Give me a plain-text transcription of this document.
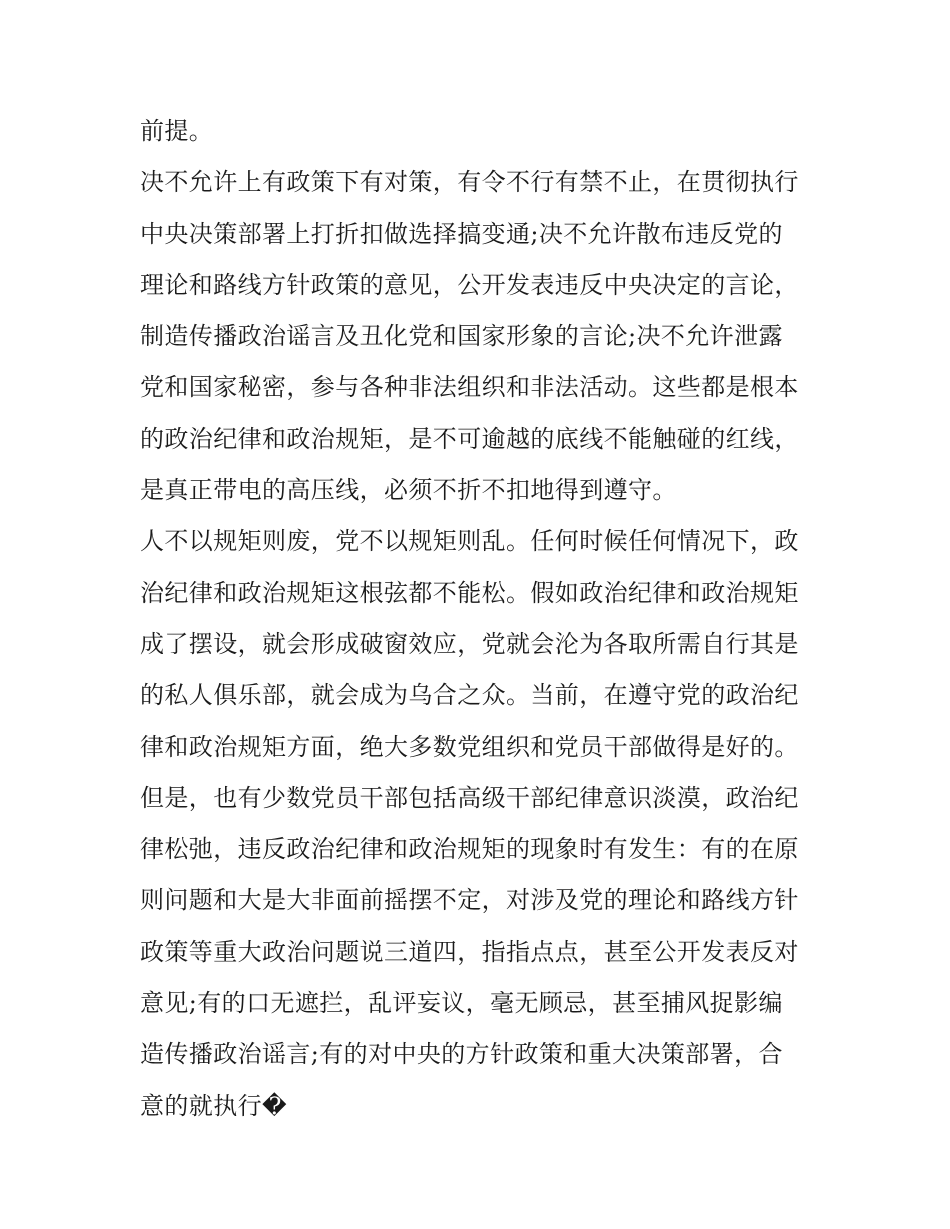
前提。
决不允许上有政策下有对策，有令不行有禁不止，在贯彻执行
中央决策部署上打折扣做选择搞变通;决不允许散布违反党的
理论和路线方针政策的意见，公开发表违反中央决定的言论，
制造传播政治谣言及丑化党和国家形象的言论;决不允许泄露
党和国家秘密，参与各种非法组织和非法活动。这些都是根本
的政治纪律和政治规矩，是不可逾越的底线不能触碰的红线，
是真正带电的高压线，必须不折不扣地得到遵守。
人不以规矩则废，党不以规矩则乱。任何时候任何情况下，政
治纪律和政治规矩这根弦都不能松。假如政治纪律和政治规矩
成了摆设，就会形成破窗效应，党就会沦为各取所需自行其是
的私人俱乐部，就会成为乌合之众。当前，在遵守党的政治纪
律和政治规矩方面，绝大多数党组织和党员干部做得是好的。
但是，也有少数党员干部包括高级干部纪律意识淡漠，政治纪
律松弛，违反政治纪律和政治规矩的现象时有发生：有的在原
则问题和大是大非面前摇摆不定，对涉及党的理论和路线方针
政策等重大政治问题说三道四，指指点点，甚至公开发表反对
意见;有的口无遮拦，乱评妄议，毫无顾忌，甚至捕风捉影编
造传播政治谣言;有的对中央的方针政策和重大决策部署，合
意的就执行�
